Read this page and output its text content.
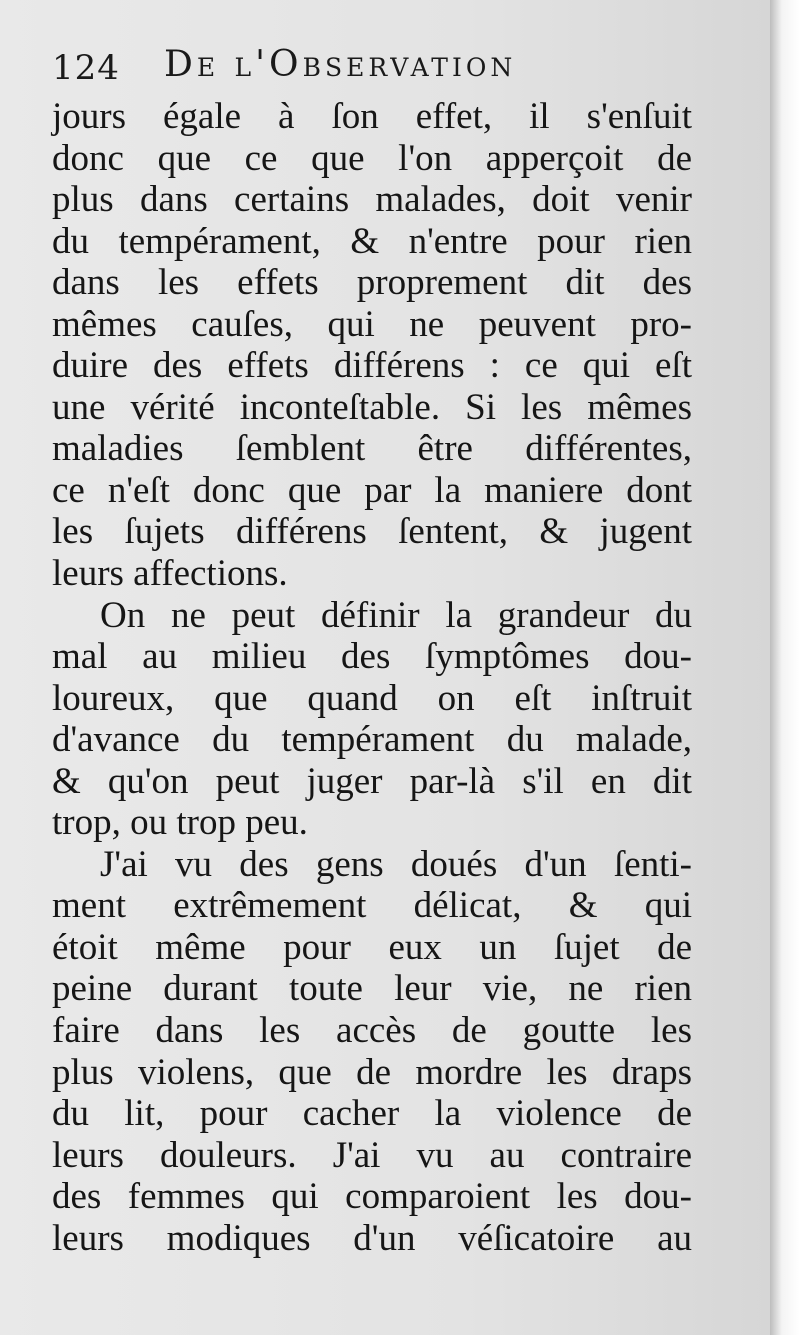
124 De l'Observation
jours égale à ſon effet, il s'enſuit
donc que ce que l'on apperçoit de
plus dans certains malades, doit venir
du tempérament, & n'entre pour rien
dans les effets proprement dit des
mêmes cauſes, qui ne peuvent pro-
duire des effets différens : ce qui eſt
une vérité inconteſtable. Si les mêmes
maladies ſemblent être différentes,
ce n'eſt donc que par la maniere dont
les ſujets différens ſentent, & jugent
leurs affections.
On ne peut définir la grandeur du
mal au milieu des ſymptômes dou-
loureux, que quand on eſt inſtruit
d'avance du tempérament du malade,
& qu'on peut juger par-là s'il en dit
trop, ou trop peu.
J'ai vu des gens doués d'un ſenti-
ment extrêmement délicat, & qui
étoit même pour eux un ſujet de
peine durant toute leur vie, ne rien
faire dans les accès de goutte les
plus violens, que de mordre les draps
du lit, pour cacher la violence de
leurs douleurs. J'ai vu au contraire
des femmes qui comparoient les dou-
leurs modiques d'un véſicatoire au
